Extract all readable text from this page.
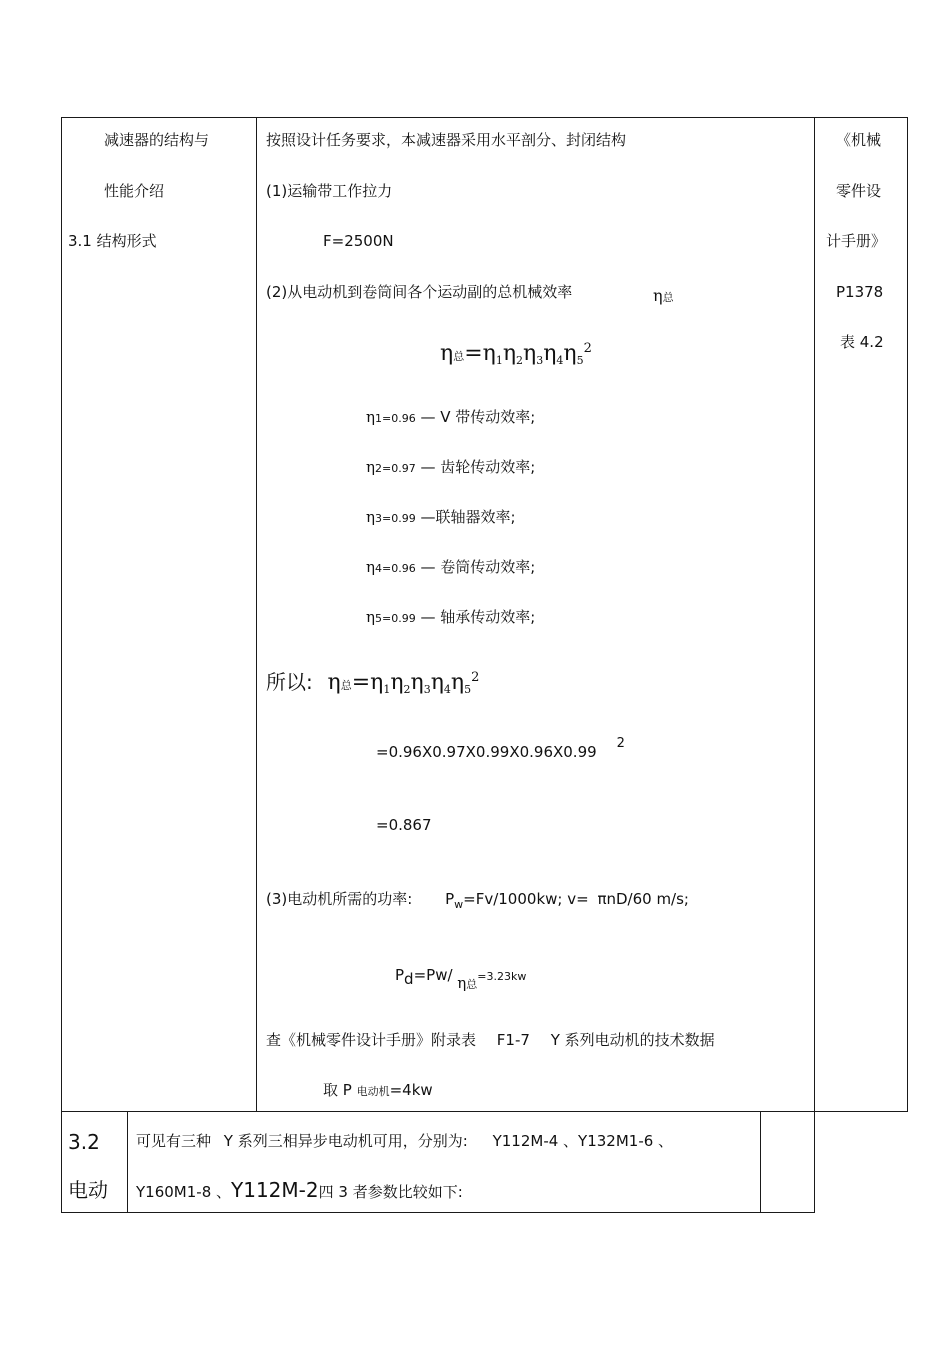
减速器的结构与
性能介绍
3.1 结构形式
《机械
零件设
计手册》
P1378
表 4.2
按照设计任务要求，本减速器采用水平剖分、封闭结构
(1)运输带工作拉力
F=2500N
(2)从电动机到卷筒间各个运动副的总机械效率	η总
η总$=\eta 1\eta 2\eta 3\eta 4\eta 5^2$
η1=0.96 — V 带传动效率;
η2=0.97 — 齿轮传动效率;
η3=0.99 —联轴器效率;
η4=0.96 — 卷筒传动效率;
η5=0.99 — 轴承传动效率;
所以: η总$=\eta 1\eta 2\eta 3\eta 4\eta 5^2$
=0.96X0.97X0.99X0.96X0.99 2
=0.867
(3)电动机所需的功率: $P_w=Fv/1000kw$; v= πnD/60 m/s;
Pd=Pw/ η总=3.23kw
查《机械零件设计手册》附录表 F1-7 Y 系列电动机的技术数据
取 P 电动机=4kw
3.2
电动
可见有三种 Y 系列三相异步电动机可用，分别为: Y112M-4 、Y132M1-6 、
Y160M1-8 、Y112M-2四 3 者参数比较如下:
